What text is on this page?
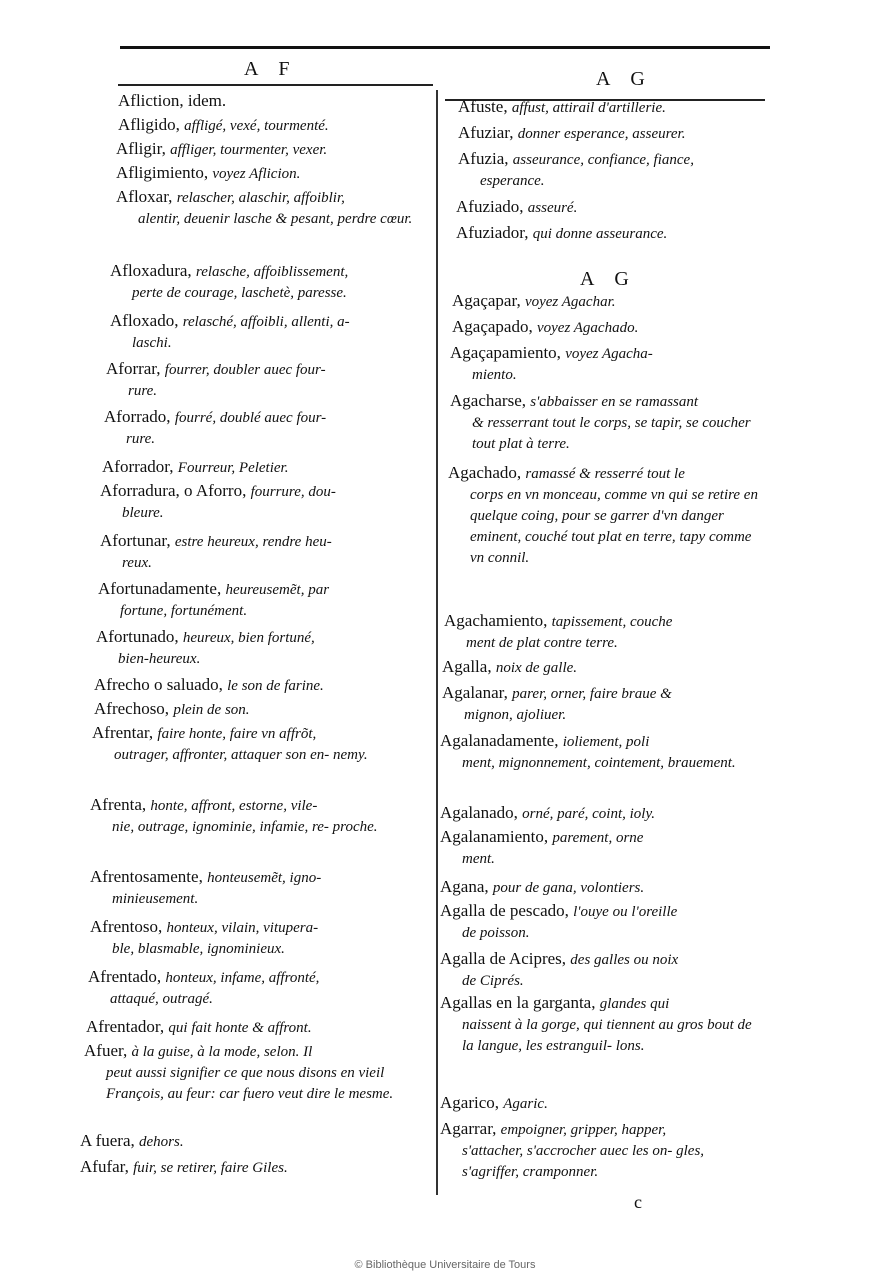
A F	A G
Afliction, idem.
Afligido, affligé, vexé, tourmenté.
Afligir, affliger, tourmenter, vexer.
Afligimiento, voyez Aflicion.
Afloxar, relascher, alaschir, affoiblir,
alentir, deuenir lasche & pesant, perdre cœur.
Afloxadura, relasche, affoiblissement,
perte de courage, laschetè, paresse.
Afloxado, relasché, affoibli, allenti, a-
laschi.
Aforrar, fourrer, doubler auec four-
rure.
Aforrado, fourré, doublé auec four-
rure.
Aforrador, Fourreur, Peletier.
Aforradura, o Aforro, fourrure, dou-
bleure.
Afortunar, estre heureux, rendre heu-
reux.
Afortunadamente, heureusemẽt, par
fortune, fortunément.
Afortunado, heureux, bien fortuné,
bien-heureux.
Afrecho o saluado, le son de farine.
Afrechoso, plein de son.
Afrentar, faire honte, faire vn affrõt,
outrager, affronter, attaquer son en- nemy.
Afrenta, honte, affront, estorne, vile-
nie, outrage, ignominie, infamie, re- proche.
Afrentosamente, honteusemẽt, igno-
minieusement.
Afrentoso, honteux, vilain, vitupera-
ble, blasmable, ignominieux.
Afrentado, honteux, infame, affronté,
attaqué, outragé.
Afrentador, qui fait honte & affront.
Afuer, à la guise, à la mode, selon. Il
peut aussi signifier ce que nous disons en vieil François, au feur: car fuero veut dire le mesme.
A fuera, dehors.
Afufar, fuir, se retirer, faire Giles.
Afuste, affust, attirail d'artillerie.
Afuziar, donner esperance, asseurer.
Afuzia, asseurance, confiance, fiance,
esperance.
Afuziado, asseuré.
Afuziador, qui donne asseurance.
Agaçapar, voyez Agachar.
Agaçapado, voyez Agachado.
Agaçapamiento, voyez Agacha-
miento.
Agacharse, s'abbaisser en se ramassant
& resserrant tout le corps, se tapir, se coucher tout plat à terre.
Agachado, ramassé & resserré tout le
corps en vn monceau, comme vn qui se retire en quelque coing, pour se garrer d'vn danger eminent, couché tout plat en terre, tapy comme vn connil.
Agachamiento, tapissement, couche
ment de plat contre terre.
Agalla, noix de galle.
Agalanar, parer, orner, faire braue &
mignon, ajoliuer.
Agalanadamente, ioliement, poli
ment, mignonnement, cointement, brauement.
Agalanado, orné, paré, coint, ioly.
Agalanamiento, parement, orne
ment.
Agana, pour de gana, volontiers.
Agalla de pescado, l'ouye ou l'oreille
de poisson.
Agalla de Acipres, des galles ou noix
de Ciprés.
Agallas en la garganta, glandes qui
naissent à la gorge, qui tiennent au gros bout de la langue, les estranguil- lons.
Agarico, Agaric.
Agarrar, empoigner, gripper, happer,
s'attacher, s'accrocher auec les on- gles, s'agriffer, cramponner.
A G
c
© Bibliothèque Universitaire de Tours
